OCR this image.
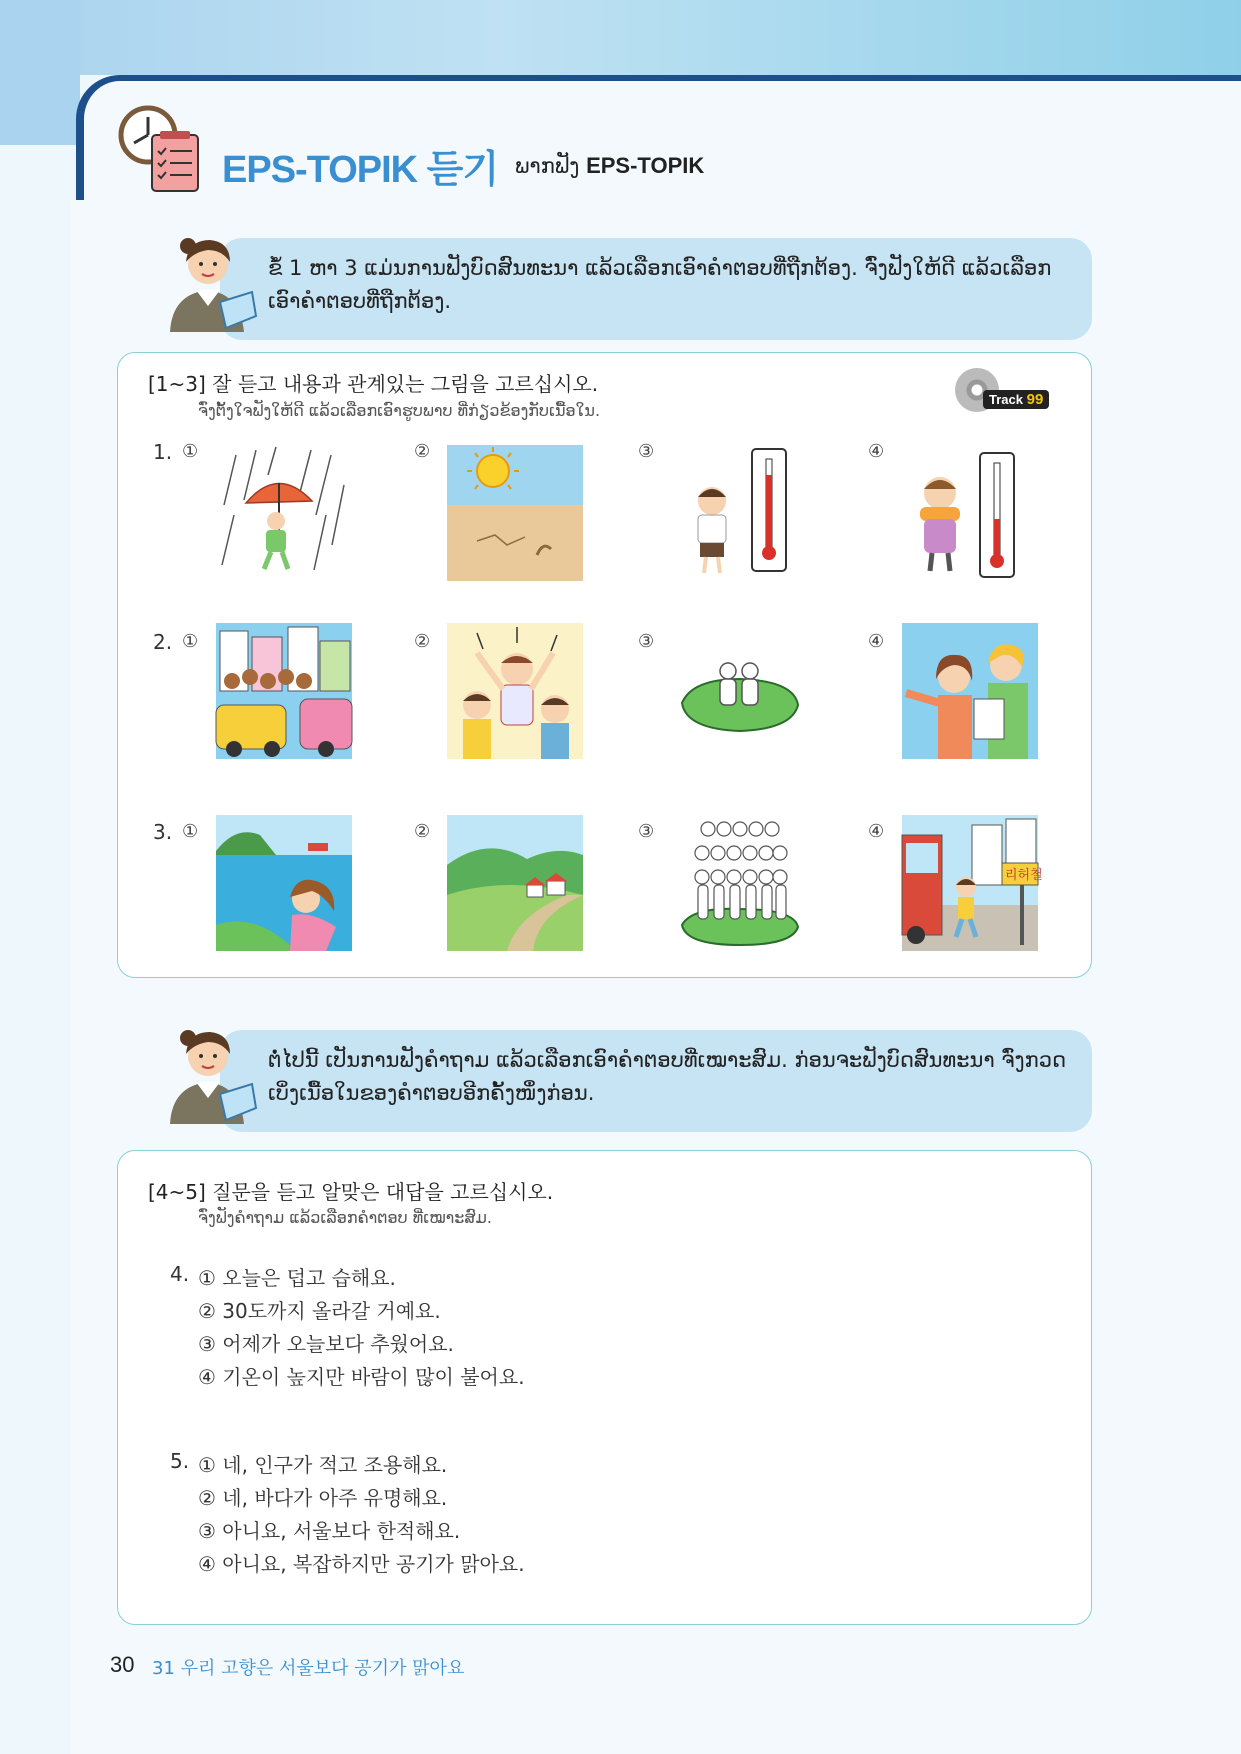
EPS-TOPIK 듣기 ພາກຟັງ EPS-TOPIK
ຂໍ້ 1 ຫາ 3 ແມ່ນການຟັງບົດສົນທະນາ ແລ້ວເລືອກເອົາຄຳຕອບທີ່ຖືກຕ້ອງ. ຈົ່ງຟັງໃຫ້ດີ ແລ້ວເລືອກເອົາຄຳຕອບທີ່ຖືກຕ້ອງ.
[1~3] 잘 듣고 내용과 관계있는 그림을 고르십시오.
ຈົ່ງຕັ້ງໃຈຟັງໃຫ້ດີ ແລ້ວເລືອກເອົາຮູບພາບ ທີ່ກ່ຽວຂ້ອງກັບເນື້ອໃນ.
Track 99
1. ①	②	③	④
2. ①	②	③	④
3. ①	②	③	④
리허철
ຕໍ່ໄປນີ້ ເປັນການຟັງຄຳຖາມ ແລ້ວເລືອກເອົາຄຳຕອບທີ່ເໝາະສົມ. ກ່ອນຈະຟັງບົດສົນທະນາ ຈົ່ງກວດເບິ່ງເນື້ອໃນຂອງຄຳຕອບອີກຄັ້ງໜຶ່ງກ່ອນ.
[4~5] 질문을 듣고 알맞은 대답을 고르십시오.
ຈົ່ງຟັງຄຳຖາມ ແລ້ວເລືອກຄຳຕອບ ທີ່ເໝາະສົມ.
4. ① 오늘은 덥고 습해요.
② 30도까지 올라갈 거예요.
③ 어제가 오늘보다 추웠어요.
④ 기온이 높지만 바람이 많이 불어요.
5. ① 네, 인구가 적고 조용해요.
② 네, 바다가 아주 유명해요.
③ 아니요, 서울보다 한적해요.
④ 아니요, 복잡하지만 공기가 맑아요.
30 31 우리 고향은 서울보다 공기가 맑아요
